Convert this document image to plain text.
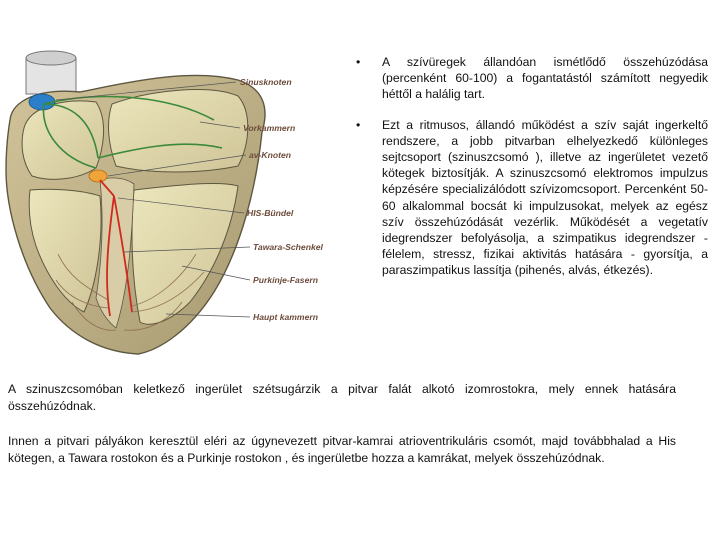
Sinusknoten
Vorkammern
av-Knoten
HIS-Bündel
Tawara-Schenkel
Purkinje-Fasern
Haupt kammern
• A szívüregek állandóan ismétlődő összehúzódása (percenként 60-100) a fogantatástól számított negyedik héttől a halálig tart.
• Ezt a ritmusos, állandó működést a szív saját ingerkeltő rendszere, a jobb pitvarban elhelyezkedő különleges sejtcsoport (szinuszcsomó ), illetve az ingerületet vezető kötegek biztosítják. A szinuszcsomó elektromos impulzus képzésére specializálódott szívizomcsoport. Percenként 50-60 alkalommal bocsát ki impulzusokat, melyek az egész szív összehúzódását vezérlik. Működését a vegetatív idegrendszer befolyásolja, a szimpatikus idegrendszer - félelem, stressz, fizikai aktivitás hatására - gyorsítja, a paraszimpatikus lassítja (pihenés, alvás, étkezés).
A szinuszcsomóban keletkező ingerület szétsugárzik a pitvar falát alkotó izomrostokra, mely ennek hatására összehúzódnak.
Innen a pitvari pályákon keresztül eléri az úgynevezett pitvar-kamrai atrioventrikuláris csomót, majd továbbhalad a His kötegen, a Tawara rostokon és a Purkinje rostokon , és ingerületbe hozza a kamrákat, melyek összehúzódnak.
